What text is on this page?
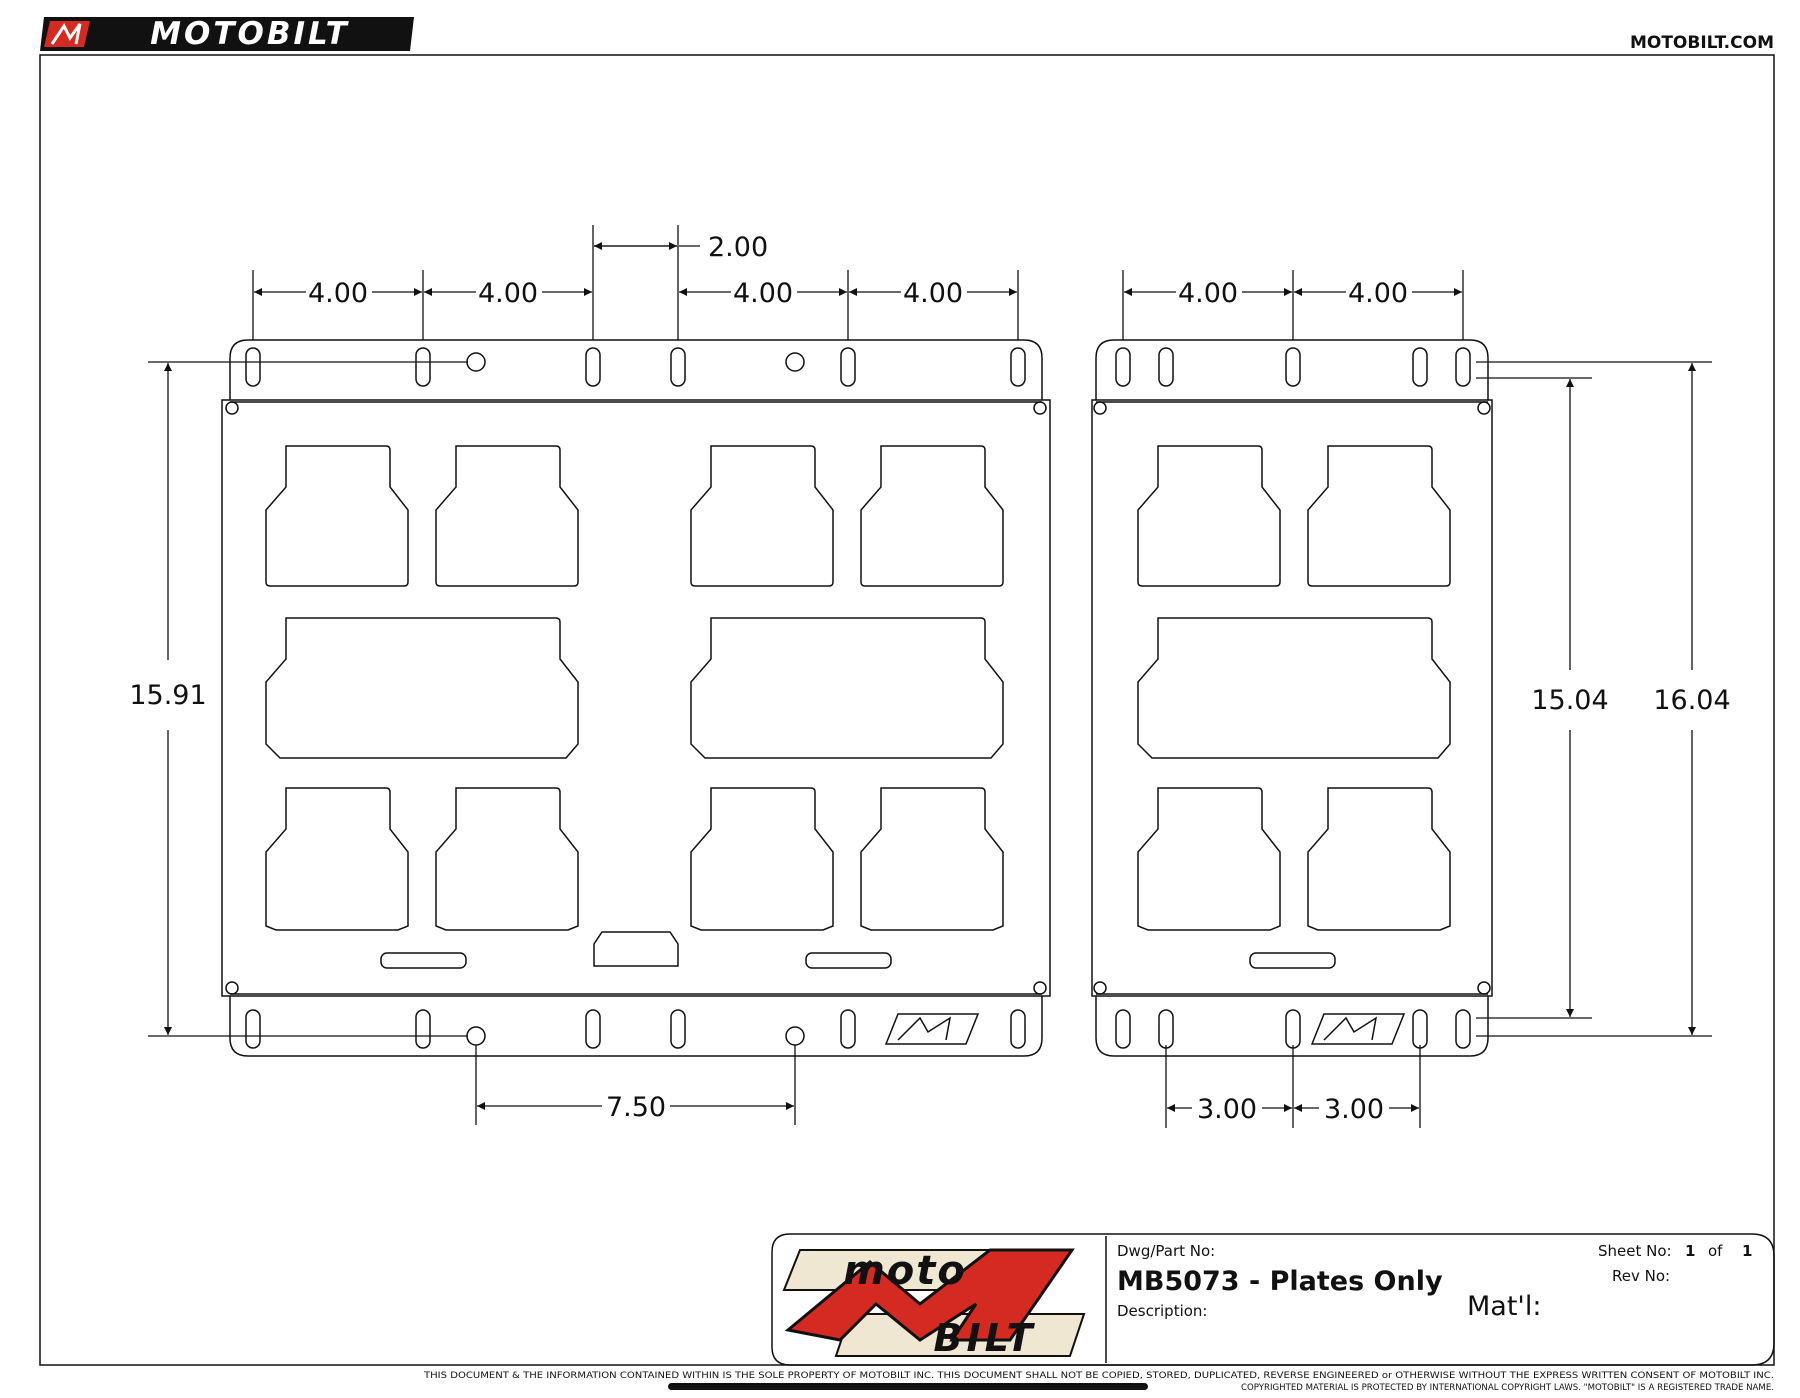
MOTOBILT	MOTOBILT.COM
4.00	4.00	4.00	4.00
2.00
15.91
7.50
4.00	4.00
3.00 3.00
15.04 16.04
moto
BILT
Dwg/Part No:
MB5073 - Plates Only
Description:	Mat'l:
Sheet No: 1 of 1
Rev No:
THIS DOCUMENT & THE INFORMATION CONTAINED WITHIN IS THE SOLE PROPERTY OF MOTOBILT INC. THIS DOCUMENT SHALL NOT BE COPIED, STORED, DUPLICATED, REVERSE ENGINEERED or OTHERWISE WITHOUT THE EXPRESS WRITTEN CONSENT OF MOTOBILT INC.
COPYRIGHTED MATERIAL IS PROTECTED BY INTERNATIONAL COPYRIGHT LAWS. "MOTOBILT" IS A REGISTERED TRADE NAME.
